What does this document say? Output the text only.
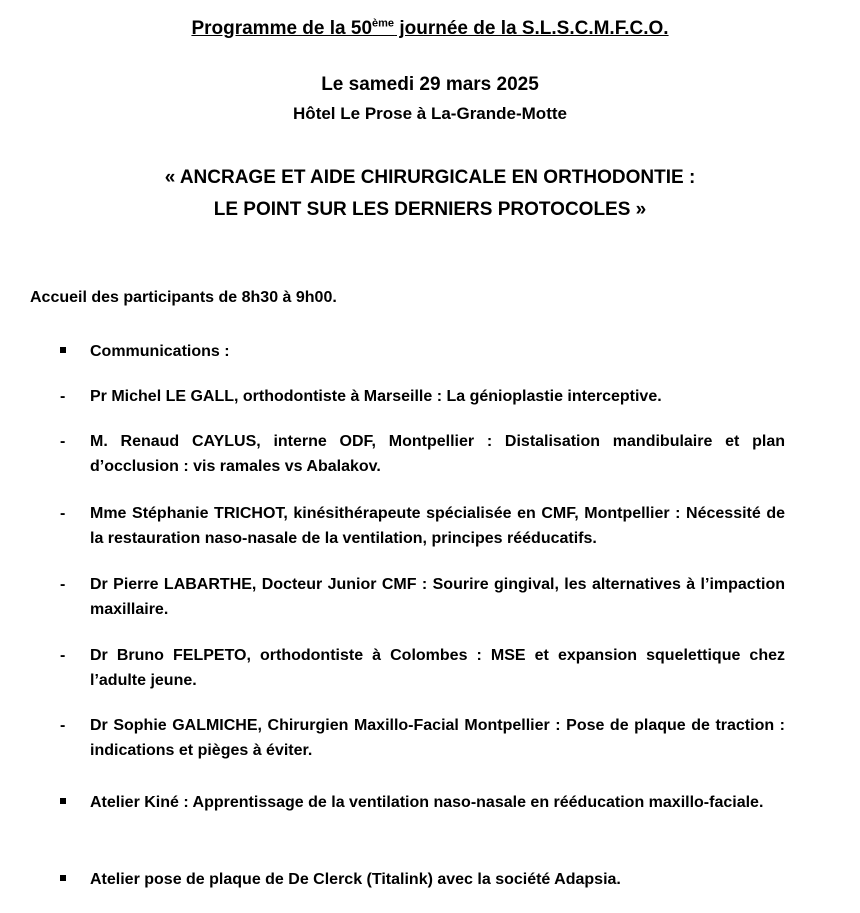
Programme de la 50ème journée de la S.L.S.C.M.F.C.O.
Le samedi 29 mars 2025
Hôtel Le Prose à La-Grande-Motte
« ANCRAGE ET AIDE CHIRURGICALE EN ORTHODONTIE :
LE POINT SUR LES DERNIERS PROTOCOLES »
Accueil des participants de 8h30 à 9h00.
Communications :
- Pr Michel LE GALL, orthodontiste à Marseille : La génioplastie interceptive.
- M. Renaud CAYLUS, interne ODF, Montpellier : Distalisation mandibulaire et plan d’occlusion : vis ramales vs Abalakov.
- Mme Stéphanie TRICHOT, kinésithérapeute spécialisée en CMF, Montpellier : Nécessité de la restauration naso-nasale de la ventilation, principes rééducatifs.
- Dr Pierre LABARTHE, Docteur Junior CMF : Sourire gingival, les alternatives à l’impaction maxillaire.
- Dr Bruno FELPETO, orthodontiste à Colombes : MSE et expansion squelettique chez l’adulte jeune.
- Dr Sophie GALMICHE, Chirurgien Maxillo-Facial Montpellier : Pose de plaque de traction : indications et pièges à éviter.
Atelier Kiné : Apprentissage de la ventilation naso-nasale en rééducation maxillo-faciale.
Atelier pose de plaque de De Clerck (Titalink) avec la société Adapsia.
